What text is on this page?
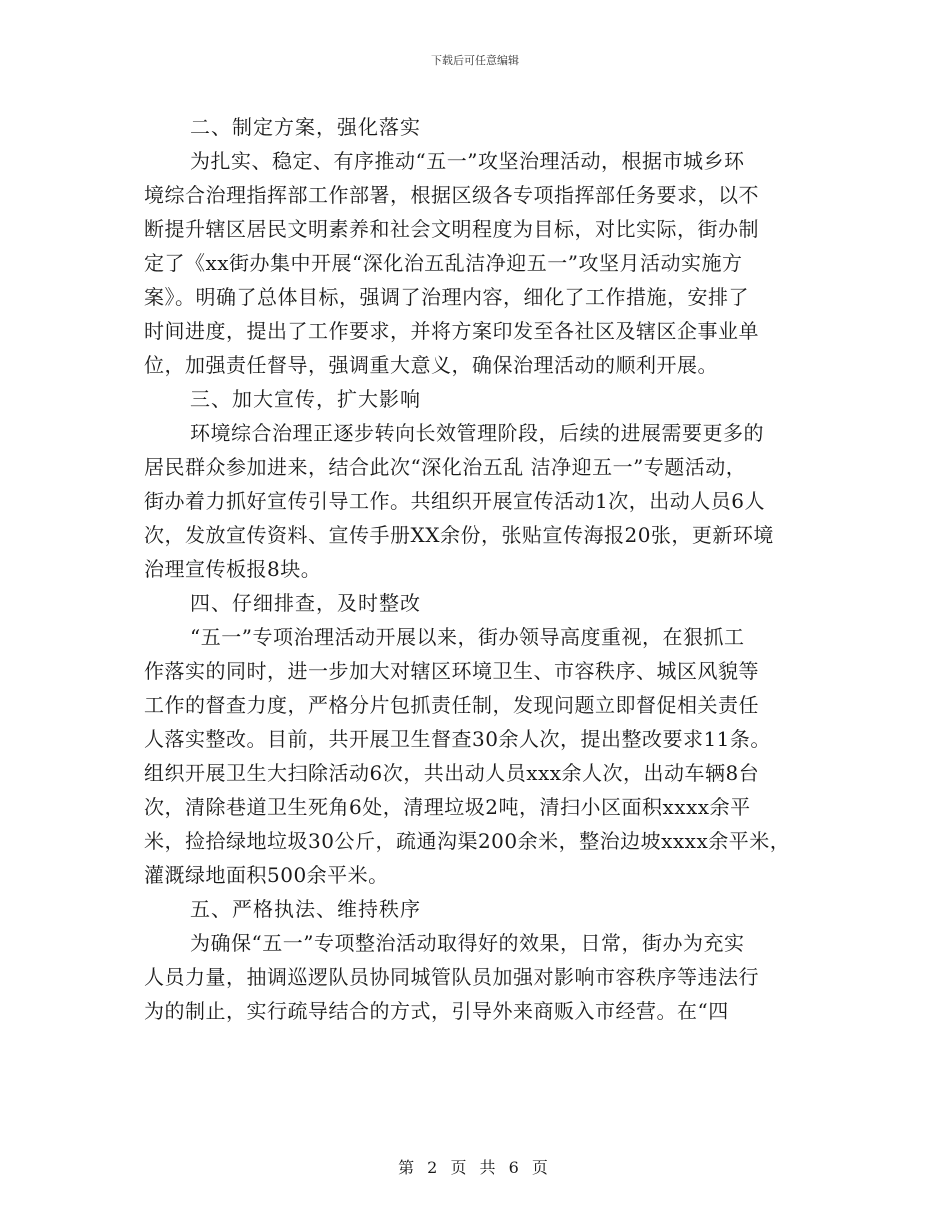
下载后可任意编辑
二、制定方案，强化落实
为扎实、稳定、有序推动“五一”攻坚治理活动，根据市城乡环
境综合治理指挥部工作部署，根据区级各专项指挥部任务要求，以不
断提升辖区居民文明素养和社会文明程度为目标，对比实际，街办制
定了《xx街办集中开展“深化治五乱洁净迎五一”攻坚月活动实施方
案》。明确了总体目标，强调了治理内容，细化了工作措施，安排了
时间进度，提出了工作要求，并将方案印发至各社区及辖区企事业单
位，加强责任督导，强调重大意义，确保治理活动的顺利开展。
三、加大宣传，扩大影响
环境综合治理正逐步转向长效管理阶段，后续的进展需要更多的
居民群众参加进来，结合此次“深化治五乱 洁净迎五一”专题活动，
街办着力抓好宣传引导工作。共组织开展宣传活动1次，出动人员6人
次，发放宣传资料、宣传手册XX余份，张贴宣传海报20张，更新环境
治理宣传板报8块。
四、仔细排查，及时整改
“五一”专项治理活动开展以来，街办领导高度重视，在狠抓工
作落实的同时，进一步加大对辖区环境卫生、市容秩序、城区风貌等
工作的督查力度，严格分片包抓责任制，发现问题立即督促相关责任
人落实整改。目前，共开展卫生督查30余人次，提出整改要求11条。
组织开展卫生大扫除活动6次，共出动人员xxx余人次，出动车辆8台
次，清除巷道卫生死角6处，清理垃圾2吨，清扫小区面积xxxx余平
米，捡拾绿地垃圾30公斤，疏通沟渠200余米，整治边坡xxxx余平米，
灌溉绿地面积500余平米。
五、严格执法、维持秩序
为确保“五一”专项整治活动取得好的效果，日常，街办为充实
人员力量，抽调巡逻队员协同城管队员加强对影响市容秩序等违法行
为的制止，实行疏导结合的方式，引导外来商贩入市经营。在“四
第 2 页 共 6 页
